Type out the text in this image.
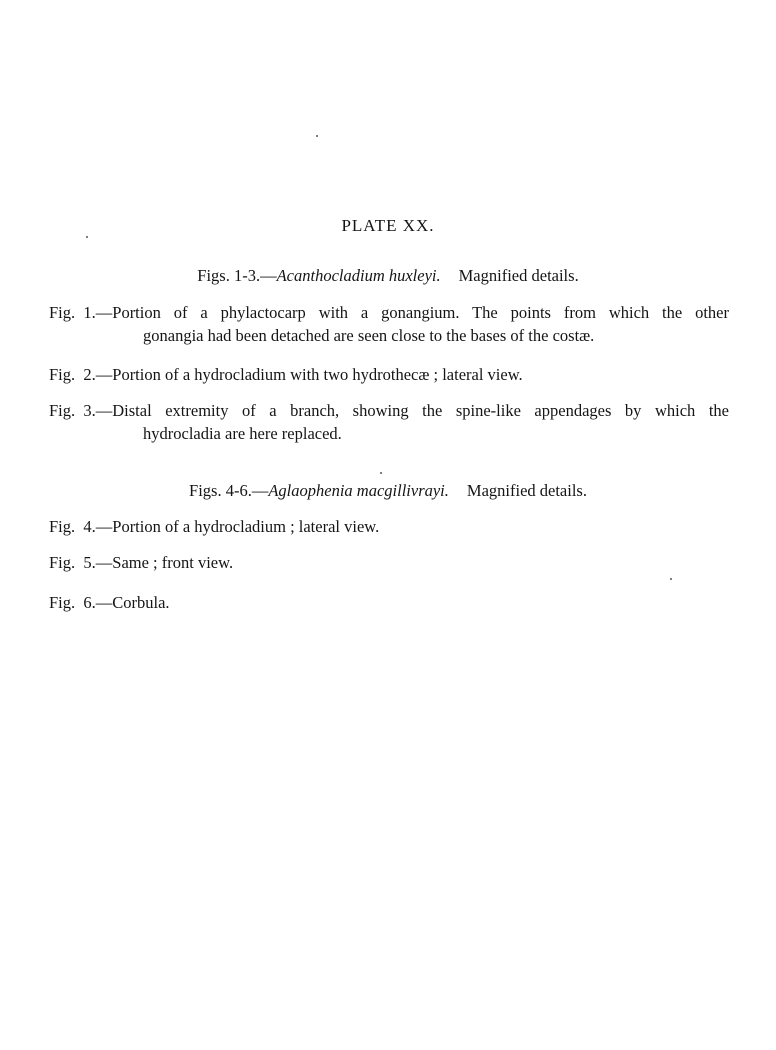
PLATE XX.
Figs. 1-3.—Acanthocladium huxleyi. Magnified details.
Fig.  1.— Portion of a phylactocarp with a gonangium. The points from which the other
gonangia had been detached are seen close to the bases of the costæ.
Fig.  2.— Portion of a hydrocladium with two hydrothecæ ; lateral view.
Fig.  3.— Distal extremity of a branch, showing the spine-like appendages by which the
hydrocladia are here replaced.
Figs. 4-6.—Aglaophenia macgillivrayi. Magnified details.
Fig.  4.— Portion of a hydrocladium ; lateral view.
Fig.  5.— Same ; front view.
Fig.  6.— Corbula.
